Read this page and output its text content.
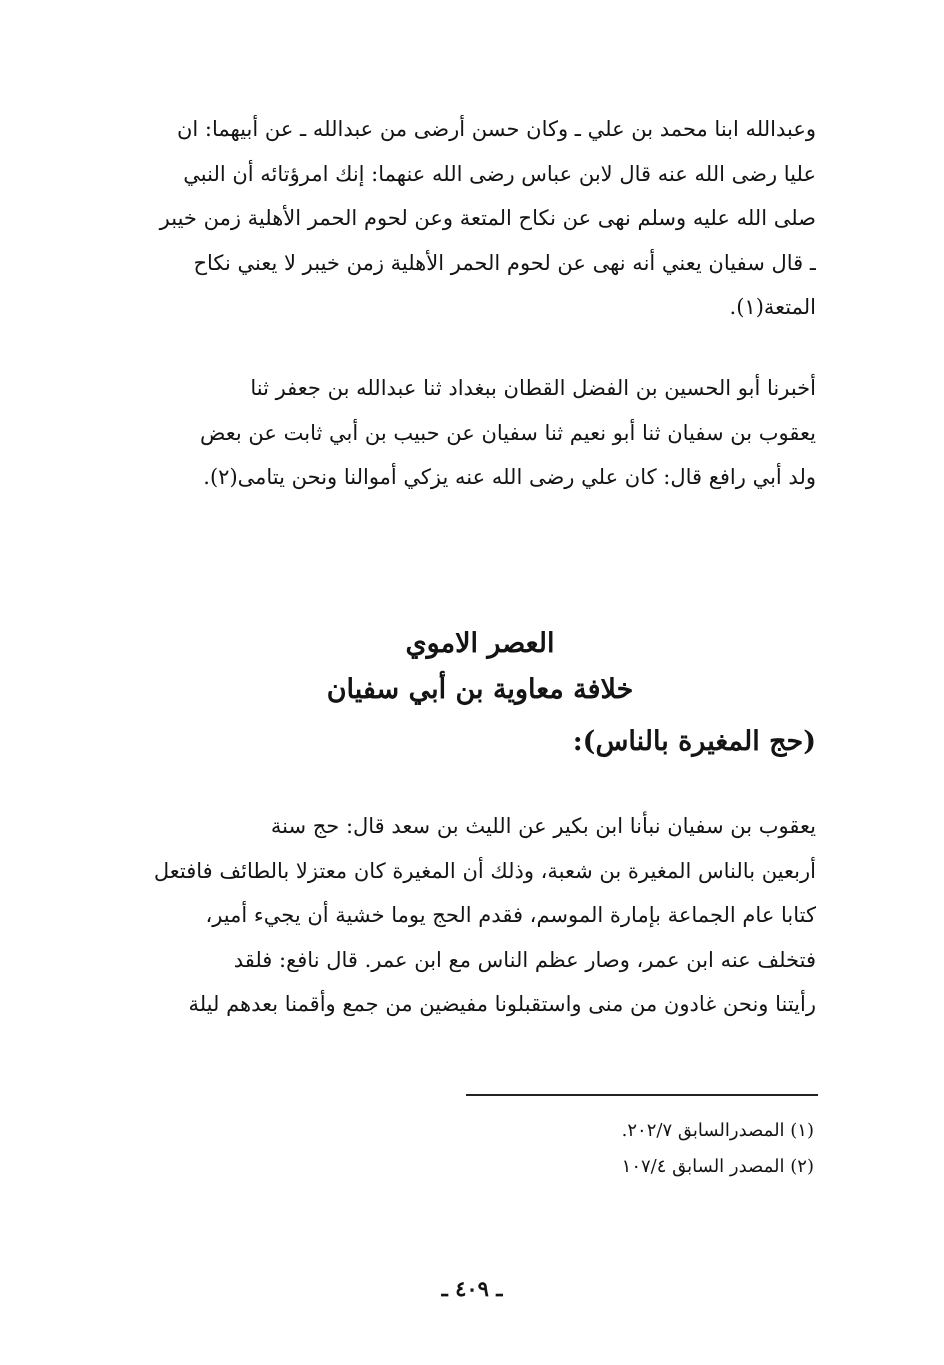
وعبدالله ابنا محمد بن علي ـ وكان حسن أرضى من عبدالله ـ عن أبيهما: ان
عليا رضى الله عنه قال لابن عباس رضى الله عنهما: إنك امرؤتائه أن النبي
صلى الله عليه وسلم نهى عن نكاح المتعة وعن لحوم الحمر الأهلية زمن خيبر
ـ قال سفيان يعني أنه نهى عن لحوم الحمر الأهلية زمن خيبر لا يعني نكاح
المتعة(١).
أخبرنا أبو الحسين بن الفضل القطان ببغداد ثنا عبدالله بن جعفر ثنا
يعقوب بن سفيان ثنا أبو نعيم ثنا سفيان عن حبيب بن أبي ثابت عن بعض
ولد أبي رافع قال: كان علي رضى الله عنه يزكي أموالنا ونحن يتامى(٢).
العصر الاموي
خلافة معاوية بن أبي سفيان
(حج المغيرة بالناس):
يعقوب بن سفيان نبأنا ابن بكير عن الليث بن سعد قال: حج سنة
أربعين بالناس المغيرة بن شعبة، وذلك أن المغيرة كان معتزلا بالطائف فافتعل
كتابا عام الجماعة بإمارة الموسم، فقدم الحج يوما خشية أن يجيء أمير،
فتخلف عنه ابن عمر، وصار عظم الناس مع ابن عمر. قال نافع: فلقد
رأيتنا ونحن غادون من منى واستقبلونا مفيضين من جمع وأقمنا بعدهم ليلة
(١) المصدرالسابق ٢٠٢/٧.
(٢) المصدر السابق ١٠٧/٤
ـ ٤٠٩ ـ
